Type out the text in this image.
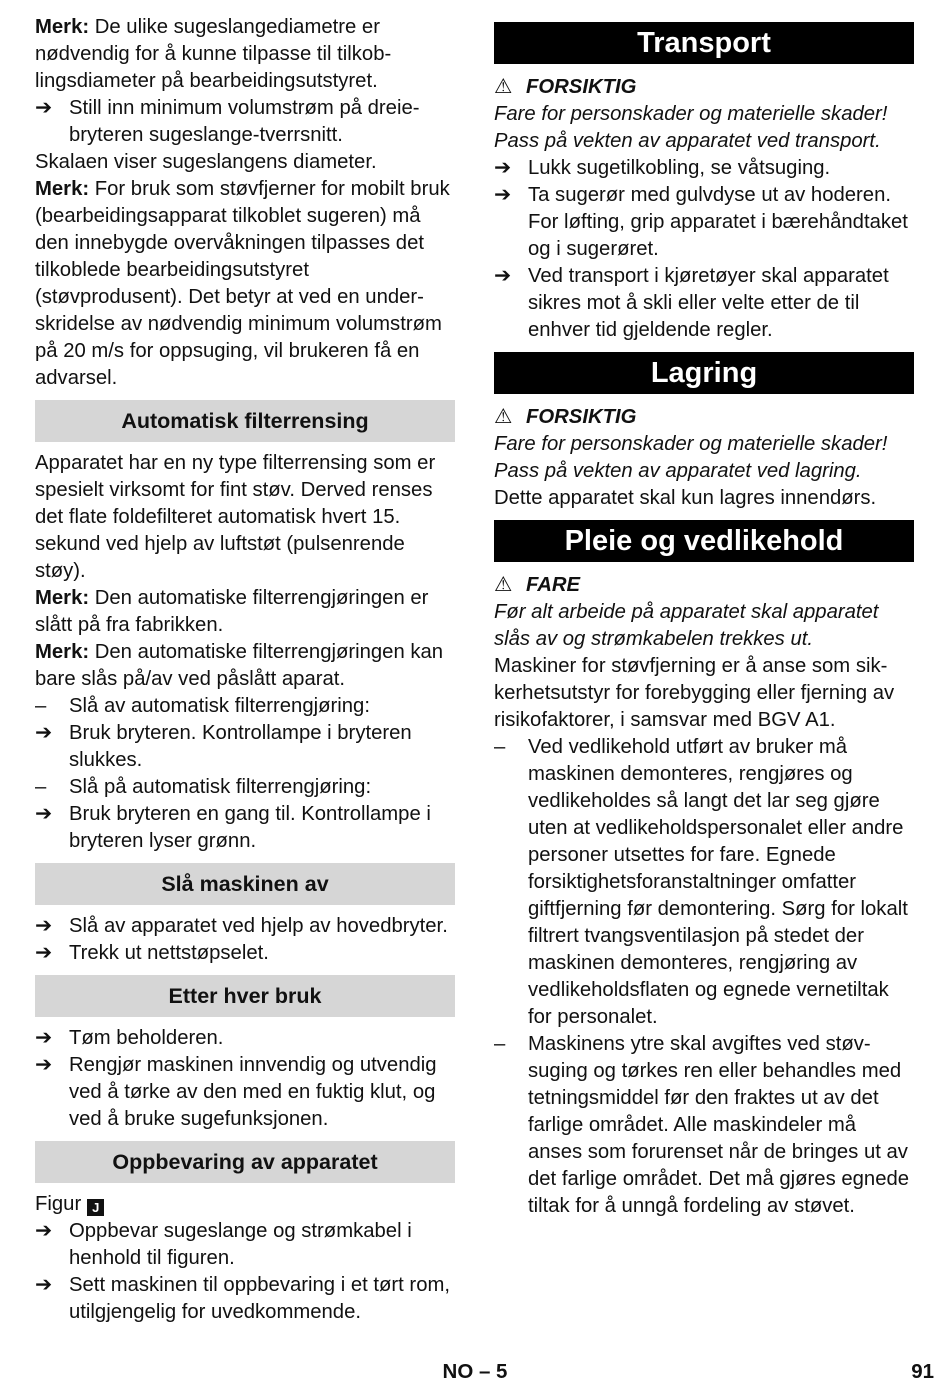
Merk: De ulike sugeslangediametre er nødvendig for å kunne tilpasse til tilkoblingsdiameter på bearbeidingsutstyret.

➔ Still inn minimum volumstrøm på dreiebryteren sugeslange-tverrsnitt.

Skalaen viser sugeslangens diameter.

Merk: For bruk som støvfjerner for mobilt bruk (bearbeidingsapparat tilkoblet sugeren) må den innebygde overvåkningen tilpasses det tilkoblede bearbeidingsutstyret (støvprodusent). Det betyr at ved en underskridelse av nødvendig minimum volumstrøm på 20 m/s for oppsuging, vil brukeren få en advarsel.

Automatisk filterrensing

Apparatet har en ny type filterrensing som er spesielt virksomt for fint støv. Derved renses det flate foldefilteret automatisk hvert 15. sekund ved hjelp av luftstøt (pulsenrende støy).

Merk: Den automatiske filterrengjøringen er slått på fra fabrikken.

Merk: Den automatiske filterrengjøringen kan bare slås på/av ved påslått aparat.

–	Slå av automatisk filterrengjøring:
➔ Bruk bryteren. Kontrollampe i bryteren slukkes.
–	Slå på automatisk filterrengjøring:
➔ Bruk bryteren en gang til. Kontrollampe i bryteren lyser grønn.
Slå maskinen av
➔ Slå av apparatet ved hjelp av hovedbryter.
➔ Trekk ut nettstøpselet.
Etter hver bruk
➔ Tøm beholderen.
➔ Rengjør maskinen innvendig og utvendig ved å tørke av den med en fuktig klut, og ved å bruke sugefunksjonen.
Oppbevaring av apparatet

Figur J

➔ Oppbevar sugeslange og strømkabel i henhold til figuren.
➔ Sett maskinen til oppbevaring i et tørt rom, utilgjengelig for uvedkommende.
Transport
⚠ FORSIKTIG

Fare for personskader og materielle skader! Pass på vekten av apparatet ved transport.

➔ Lukk sugetilkobling, se våtsuging.
➔ Ta sugerør med gulvdyse ut av hoderen. For løfting, grip apparatet i bærehåndtaket og i sugerøret.
➔ Ved transport i kjøretøyer skal apparatet sikres mot å skli eller velte etter de til enhver tid gjeldende regler.
Lagring
⚠ FORSIKTIG

Fare for personskader og materielle skader! Pass på vekten av apparatet ved lagring.

Dette apparatet skal kun lagres innendørs.

Pleie og vedlikehold
⚠ FARE

Før alt arbeide på apparatet skal apparatet slås av og strømkabelen trekkes ut.

Maskiner for støvfjerning er å anse som sikkerhetsutstyr for forebygging eller fjerning av risikofaktorer, i samsvar med BGV A1.

–	Ved vedlikehold utført av bruker må maskinen demonteres, rengjøres og vedlikeholdes så langt det lar seg gjøre uten at vedlikeholdspersonalet eller andre personer utsettes for fare. Egnede forsiktighetsforanstaltninger omfatter giftfjerning før demontering. Sørg for lokalt filtrert tvangsventilasjon på stedet der maskinen demonteres, rengjøring av vedlikeholdsflaten og egnede vernetiltak for personalet.
–	Maskinens ytre skal avgiftes ved støvsuging og tørkes ren eller behandles med tetningsmiddel før den fraktes ut av det farlige området. Alle maskindeler må anses som forurenset når de bringes ut av det farlige området. Det må gjøres egnede tiltak for å unngå fordeling av støvet.
NO – 5	91
